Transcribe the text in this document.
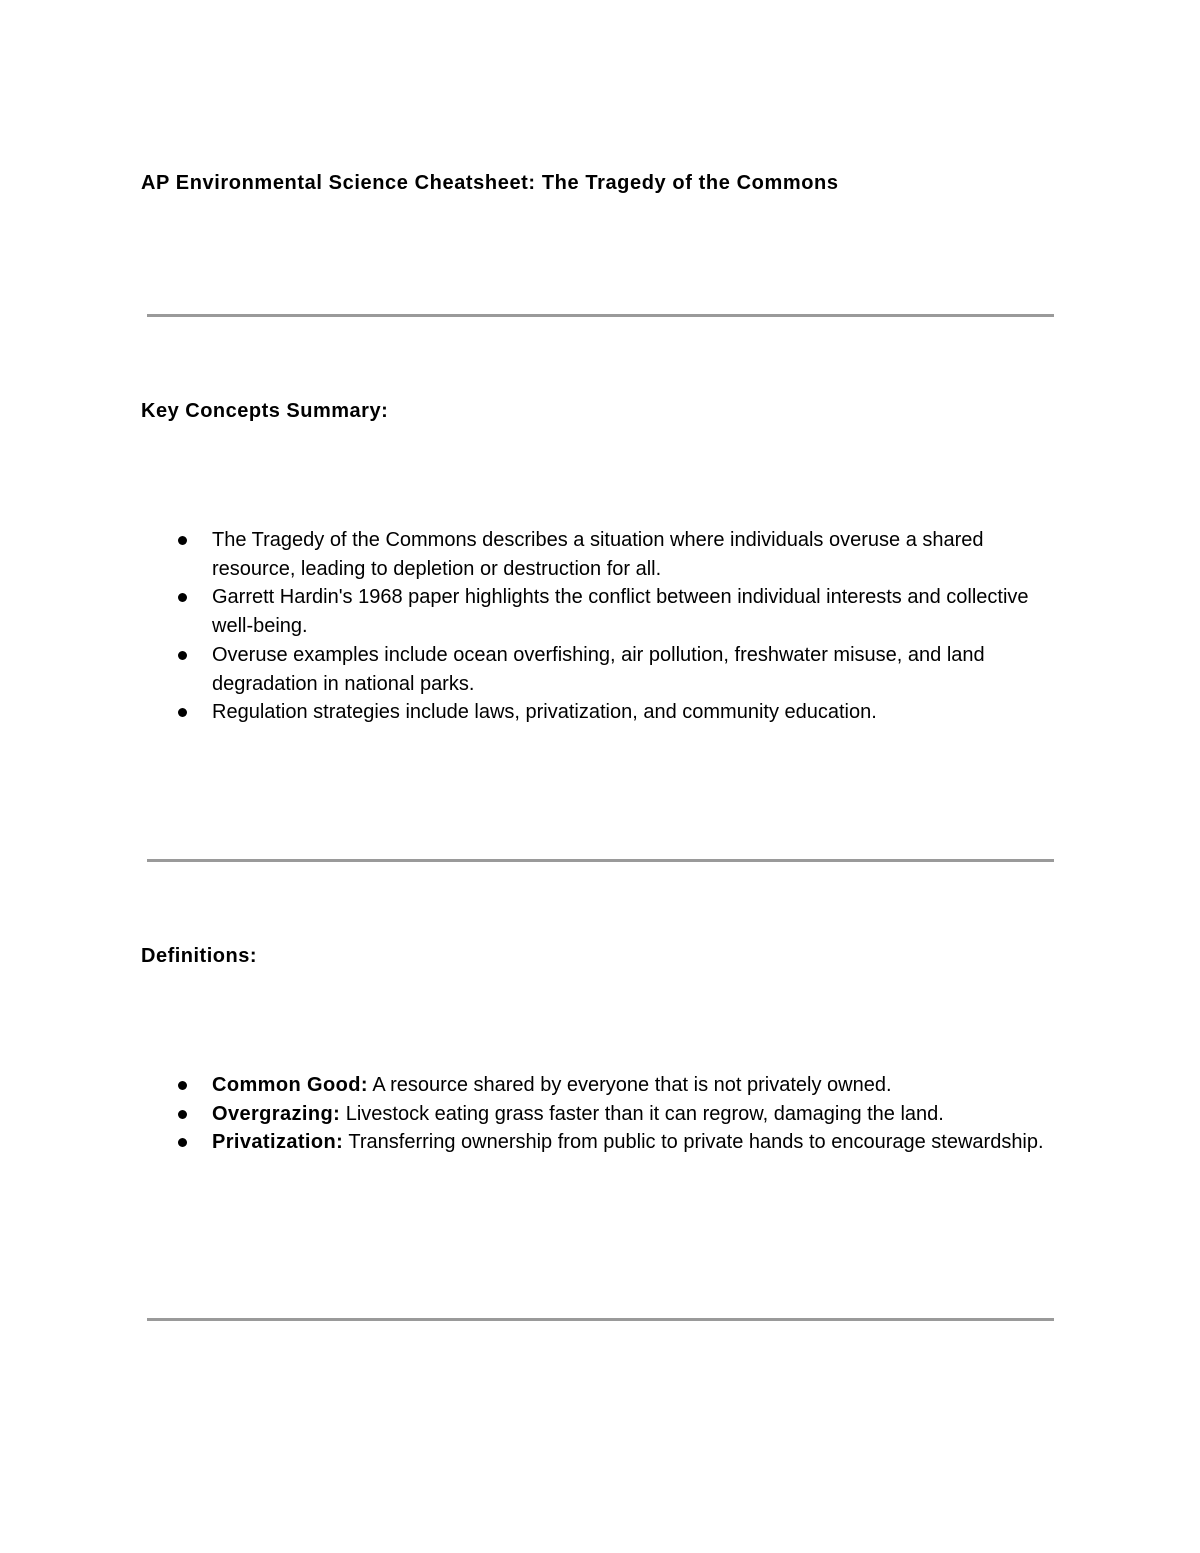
AP Environmental Science Cheatsheet: The Tragedy of the Commons
Key Concepts Summary:
The Tragedy of the Commons describes a situation where individuals overuse a shared resource, leading to depletion or destruction for all.
Garrett Hardin's 1968 paper highlights the conflict between individual interests and collective well-being.
Overuse examples include ocean overfishing, air pollution, freshwater misuse, and land degradation in national parks.
Regulation strategies include laws, privatization, and community education.
Definitions:
Common Good: A resource shared by everyone that is not privately owned.
Overgrazing: Livestock eating grass faster than it can regrow, damaging the land.
Privatization: Transferring ownership from public to private hands to encourage stewardship.
